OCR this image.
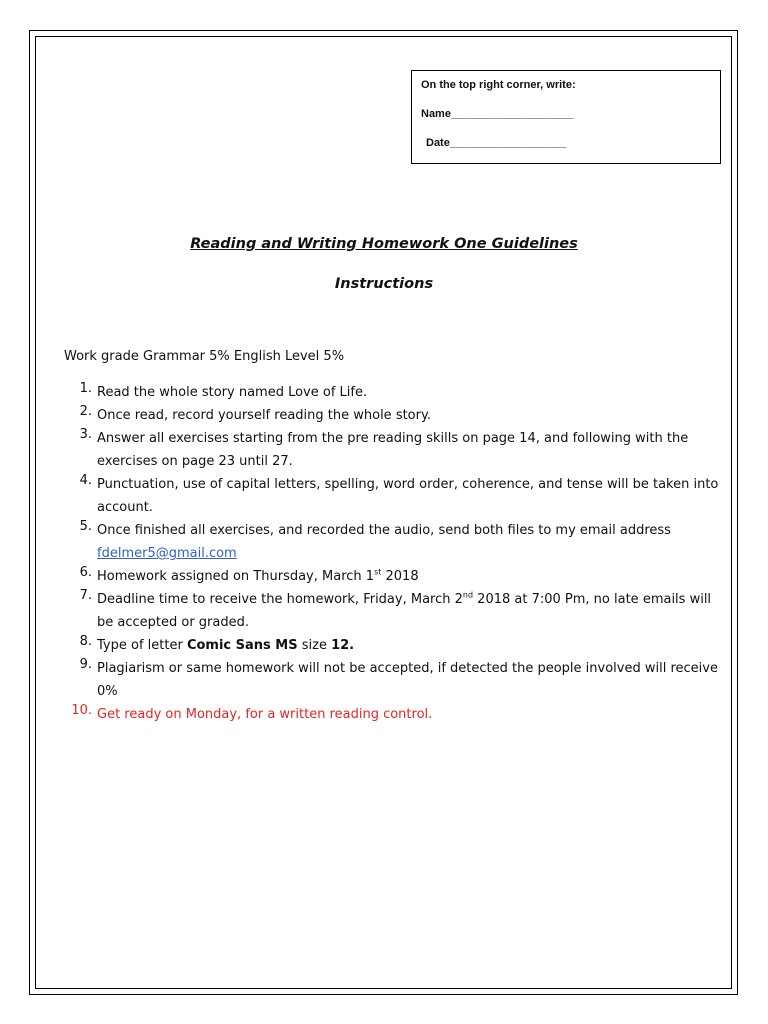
On the top right corner, write:
Name____________________
Date___________________
Reading and Writing Homework One Guidelines
Instructions
Work grade Grammar 5% English Level 5%
1. Read the whole story named Love of Life.
2. Once read, record yourself reading the whole story.
3. Answer all exercises starting from the pre reading skills on page 14, and following with the exercises on page 23 until 27.
4. Punctuation, use of capital letters, spelling, word order, coherence, and tense will be taken into account.
5. Once finished all exercises, and recorded the audio, send both files to my email address
fdelmer5@gmail.com
6. Homework assigned on Thursday, March 1st 2018
7. Deadline time to receive the homework, Friday, March 2nd 2018 at 7:00 Pm, no late emails will be accepted or graded.
8. Type of letter Comic Sans MS size 12.
9. Plagiarism or same homework will not be accepted, if detected the people involved will receive 0%
10. Get ready on Monday, for a written reading control.
